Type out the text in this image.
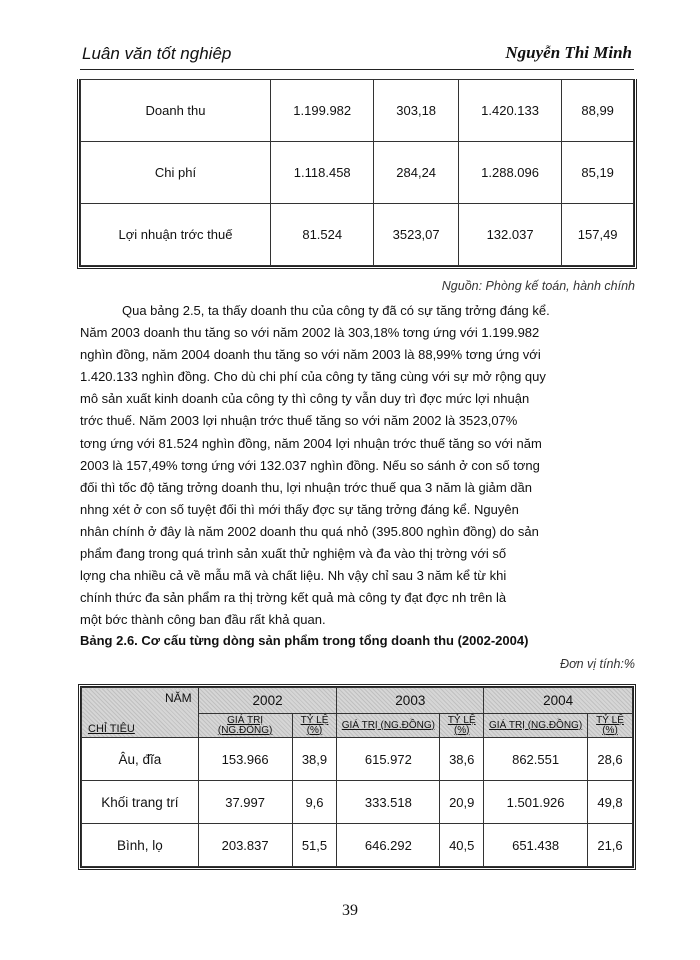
Luân văn tốt nghiêp	Nguyễn Thi Minh
Doanh thu	1.199.982	303,18	1.420.133	88,99
Chi phí	1.118.458	284,24	1.288.096	85,19
Lợi nhuận trớc thuế	81.524	3523,07	132.037	157,49
Nguồn: Phòng kế toán, hành chính
Qua bảng 2.5, ta thấy doanh thu của công ty đã có sự tăng trởng đáng kể.
Năm 2003 doanh thu tăng so với năm 2002 là 303,18% tơng ứng với 1.199.982
nghìn đồng, năm 2004 doanh thu tăng so với năm 2003 là 88,99% tơng ứng với
1.420.133 nghìn đồng. Cho dù chi phí của công ty tăng cùng với sự mở rộng quy
mô sản xuất kinh doanh của công ty thì công ty vẫn duy trì đợc mức lợi nhuận
trớc thuế. Năm 2003 lợi nhuận trớc thuế tăng so với năm 2002 là 3523,07%
tơng ứng với 81.524 nghìn đồng, năm 2004 lợi nhuận trớc thuế tăng so với năm
2003 là 157,49% tơng ứng với 132.037 nghìn đồng. Nếu so sánh ở con số tơng
đối thì tốc độ tăng trởng doanh thu, lợi nhuận trớc thuế qua 3 năm là giảm dần
nhng xét ở con số tuyệt đối thì mới thấy đợc sự tăng trởng đáng kể. Nguyên
nhân chính ở đây là năm 2002 doanh thu quá nhỏ (395.800 nghìn đồng) do sản
phẩm đang trong quá trình sản xuất thử nghiệm và đa vào thị trờng với số
lợng cha nhiều cả về mẫu mã và chất liệu. Nh vậy chỉ sau 3 năm kể từ khi
chính thức đa sản phẩm ra thị trờng kết quả mà công ty đạt đợc nh trên là
một bớc thành công ban đầu rất khả quan.
Bảng 2.6. Cơ cấu từng dòng sản phẩm trong tổng doanh thu (2002-2004)
Đơn vị tính:%
NĂM
CHỈ TIÊU	2002		2003		2004	
	GIÁ TRỊ (NG.ĐỒNG)	TỶ LỆ (%)	GIÁ TRỊ (NG.ĐỒNG)	TỶ LỆ (%)	GIÁ TRỊ (NG.ĐỒNG)	TỶ LỆ (%)
Âu, đĩa	153.966	38,9	615.972	38,6	862.551	28,6
Khối trang trí	37.997	9,6	333.518	20,9	1.501.926	49,8
Bình, lọ	203.837	51,5	646.292	40,5	651.438	21,6
39
